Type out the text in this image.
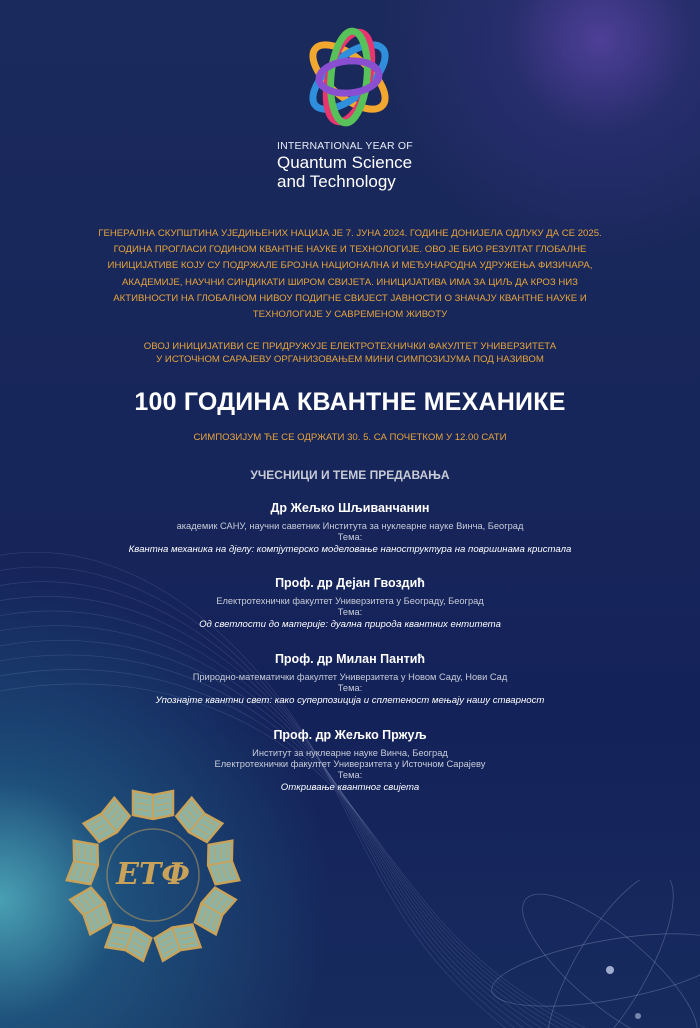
INTERNATIONAL YEAR OF
Quantum Science
and Technology
ГЕНЕРАЛНА СКУПШТИНА УЈЕДИЊЕНИХ НАЦИЈА ЈЕ 7. ЈУНА 2024. ГОДИНЕ ДОНИЈЕЛА ОДЛУКУ ДА СЕ 2025. ГОДИНА ПРОГЛАСИ ГОДИНОМ КВАНТНЕ НАУКЕ И ТЕХНОЛОГИЈЕ. ОВО ЈЕ БИО РЕЗУЛТАТ ГЛОБАЛНЕ ИНИЦИЈАТИВЕ КОЈУ СУ ПОДРЖАЛЕ БРОЈНА НАЦИОНАЛНА И МЕЂУНАРОДНА УДРУЖЕЊА ФИЗИЧАРА, АКАДЕМИЈЕ, НАУЧНИ СИНДИКАТИ ШИРОМ СВИЈЕТА. ИНИЦИЈАТИВА ИМА ЗА ЦИЉ ДА КРОЗ НИЗ АКТИВНОСТИ НА ГЛОБАЛНОМ НИВОУ ПОДИГНЕ СВИЈЕСТ ЈАВНОСТИ О ЗНАЧАЈУ КВАНТНЕ НАУКЕ И ТЕХНОЛОГИЈЕ У САВРЕМЕНОМ ЖИВОТУ
ОВОЈ ИНИЦИЈАТИВИ СЕ ПРИДРУЖУЈЕ ЕЛЕКТРОТЕХНИЧКИ ФАКУЛТЕТ УНИВЕРЗИТЕТА
У ИСТОЧНОМ САРАЈЕВУ ОРГАНИЗОВАЊЕМ МИНИ СИМПОЗИЈУМА ПОД НАЗИВОМ
100 ГОДИНА КВАНТНЕ МЕХАНИКЕ
СИМПОЗИЈУМ ЋЕ СЕ ОДРЖАТИ 30. 5. СА ПОЧЕТКОМ У 12.00 САТИ
УЧЕСНИЦИ И ТЕМЕ ПРЕДАВАЊА
Др Жељко Шљиванчанин
академик САНУ, научни саветник Института за нуклеарне науке Винча, Београд
Тема:
Квантна механика на дјелу: компјутерско моделовање наноструктура на површинама кристала
Проф. др Дејан Гвоздић
Електротехнички факултет Универзитета у Београду, Београд
Тема:
Од светлости до материје: дуална природа квантних ентитета
Проф. др Милан Пантић
Природно-математички факултет Универзитета у Новом Саду, Нови Сад
Тема:
Упознајте квантни свет: како суперпозиција и сплетеност мењају нашу стварност
Проф. др Жељко Пржуљ
Институт за нуклеарне науке Винча, Београд
Електротехнички факултет Универзитета у Источном Сарајеву
Тема:
Откривање квантног свијета
ЕТФ
